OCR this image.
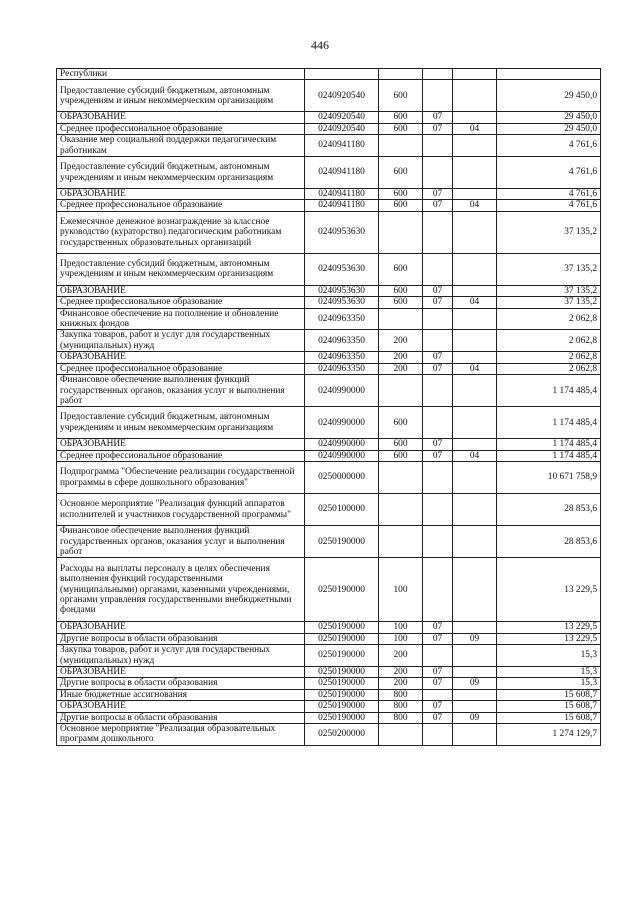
446
Республики					
Предоставление субсидий бюджетным, автономным учреждениям и иным некоммерческим организациям	0240920540	600			29 450,0
ОБРАЗОВАНИЕ	0240920540	600	07		29 450,0
Среднее профессиональное образование	0240920540	600	07	04	29 450,0
Оказание мер социальной поддержки педагогическим работникам	0240941180				4 761,6
Предоставление субсидий бюджетным, автономным учреждениям и иным некоммерческим организациям	0240941180	600			4 761,6
ОБРАЗОВАНИЕ	0240941180	600	07		4 761,6
Среднее профессиональное образование	0240941180	600	07	04	4 761,6
Ежемесячное денежное вознаграждение за классное руководство (кураторство) педагогическим работникам государственных образовательных организаций	0240953630				37 135,2
Предоставление субсидий бюджетным, автономным учреждениям и иным некоммерческим организациям	0240953630	600			37 135,2
ОБРАЗОВАНИЕ	0240953630	600	07		37 135,2
Среднее профессиональное образование	0240953630	600	07	04	37 135,2
Финансовое обеспечение на пополнение и обновление книжных фондов	0240963350				2 062,8
Закупка товаров, работ и услуг для государственных (муниципальных) нужд	0240963350	200			2 062,8
ОБРАЗОВАНИЕ	0240963350	200	07		2 062,8
Среднее профессиональное образование	0240963350	200	07	04	2 062,8
Финансовое обеспечение выполнения функций государственных органов, оказания услуг и выполнения работ	0240990000				1 174 485,4
Предоставление субсидий бюджетным, автономным учреждениям и иным некоммерческим организациям	0240990000	600			1 174 485,4
ОБРАЗОВАНИЕ	0240990000	600	07		1 174 485,4
Среднее профессиональное образование	0240990000	600	07	04	1 174 485,4
Подпрограмма "Обеспечение реализации государственной программы в сфере дошкольного образования"	0250000000				10 671 758,9
Основное мероприятие "Реализация функций аппаратов исполнителей и участников государственной программы"	0250100000				28 853,6
Финансовое обеспечение выполнения функций государственных органов, оказания услуг и выполнения работ	0250190000				28 853,6
Расходы на выплаты персоналу в целях обеспечения выполнения функций государственными (муниципальными) органами, казенными учреждениями, органами управления государственными внебюджетными фондами	0250190000	100			13 229,5
ОБРАЗОВАНИЕ	0250190000	100	07		13 229,5
Другие вопросы в области образования	0250190000	100	07	09	13 229,5
Закупка товаров, работ и услуг для государственных (муниципальных) нужд	0250190000	200			15,3
ОБРАЗОВАНИЕ	0250190000	200	07		15,3
Другие вопросы в области образования	0250190000	200	07	09	15,3
Иные бюджетные ассигнования	0250190000	800			15 608,7
ОБРАЗОВАНИЕ	0250190000	800	07		15 608,7
Другие вопросы в области образования	0250190000	800	07	09	15 608,7
Основное мероприятие "Реализация образовательных программ дошкольного	0250200000				1 274 129,7
